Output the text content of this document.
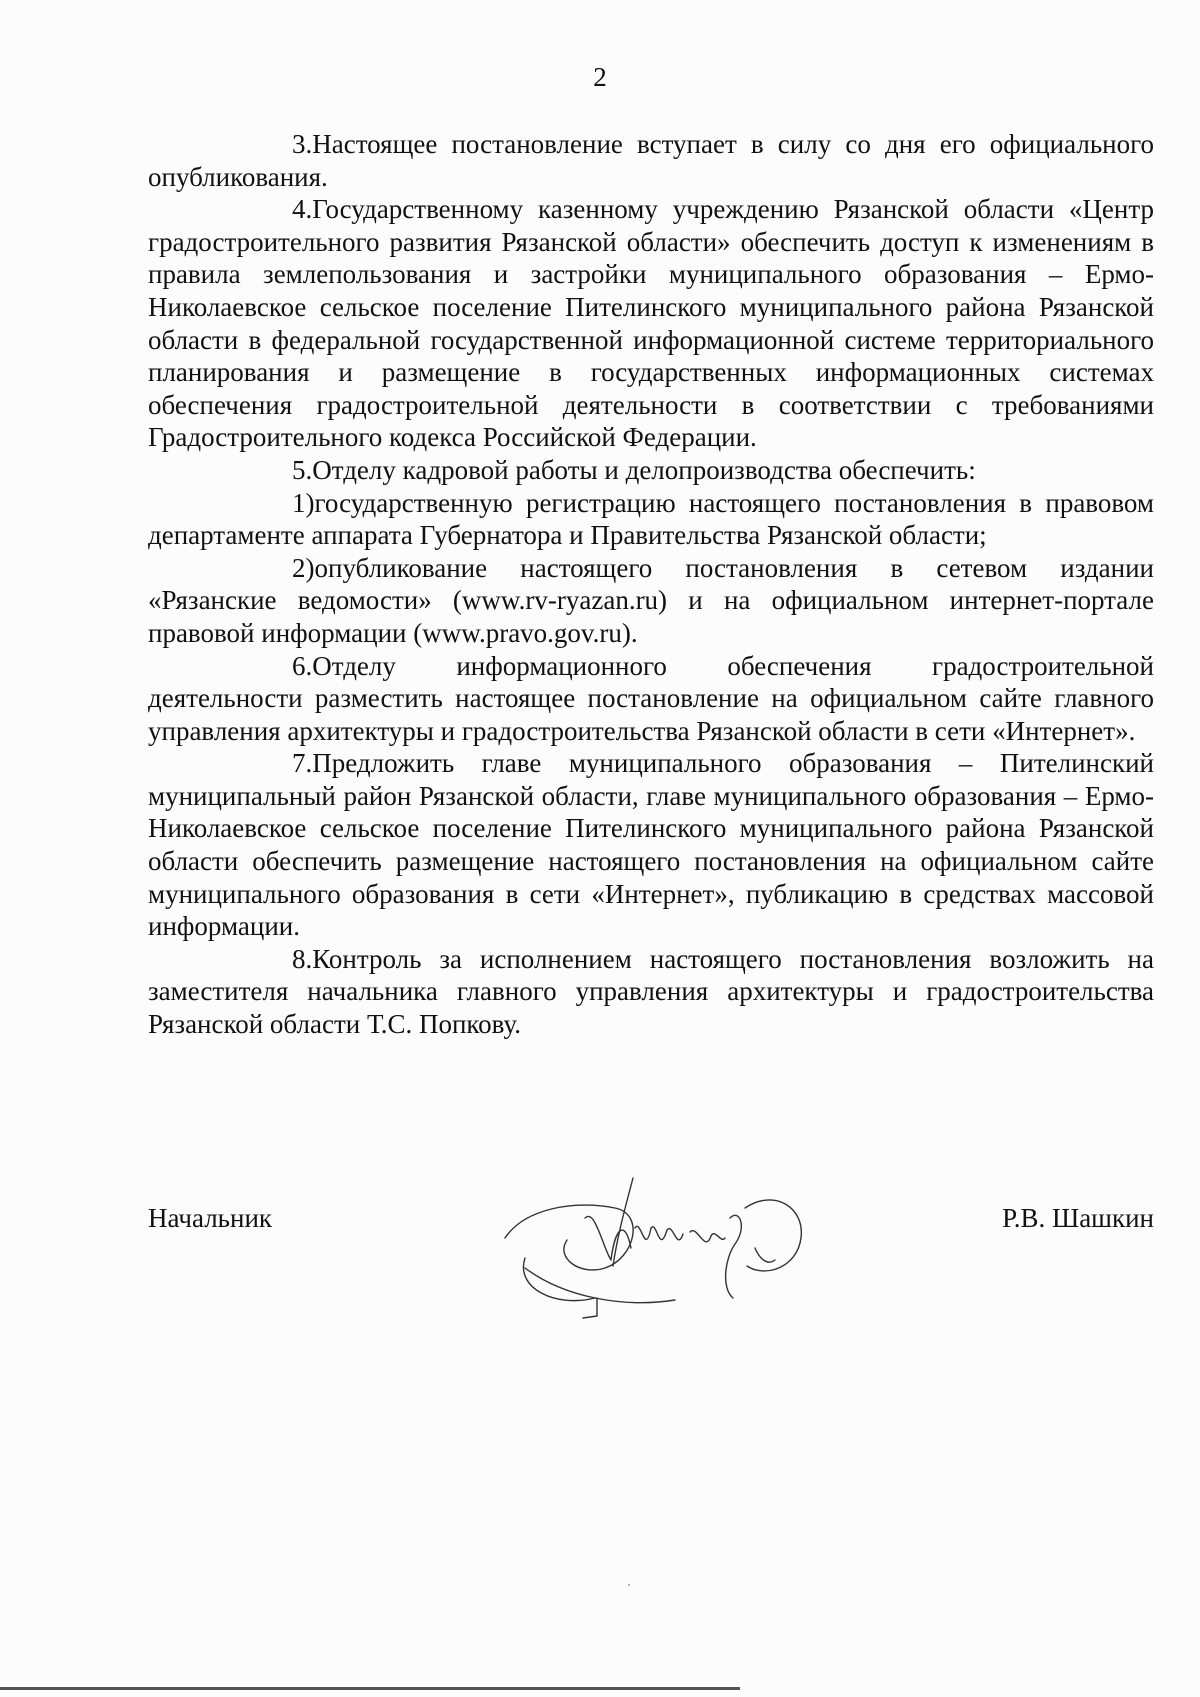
2

3.Настоящее постановление вступает в силу со дня его официального опубликования.

4.Государственному казенному учреждению Рязанской области «Центр градостроительного развития Рязанской области» обеспечить доступ к изменениям в правила землепользования и застройки муниципального образования – Ермо-Николаевское сельское поселение Пителинского муниципального района Рязанской области в федеральной государственной информационной системе территориального планирования и размещение в государственных информационных системах обеспечения градостроительной деятельности в соответствии с требованиями Градостроительного кодекса Российской Федерации.

5.Отделу кадровой работы и делопроизводства обеспечить:

1)государственную регистрацию настоящего постановления в правовом департаменте аппарата Губернатора и Правительства Рязанской области;

2)опубликование настоящего постановления в сетевом издании «Рязанские ведомости» (www.rv-ryazan.ru) и на официальном интернет-портале правовой информации (www.pravo.gov.ru).

6.Отделу информационного обеспечения градостроительной деятельности разместить настоящее постановление на официальном сайте главного управления архитектуры и градостроительства Рязанской области в сети «Интернет».

7.Предложить главе муниципального образования – Пителинский муниципальный район Рязанской области, главе муниципального образования – Ермо-Николаевское сельское поселение Пителинского муниципального района Рязанской области обеспечить размещение настоящего постановления на официальном сайте муниципального образования в сети «Интернет», публикацию в средствах массовой информации.

8.Контроль за исполнением настоящего постановления возложить на заместителя начальника главного управления архитектуры и градостроительства Рязанской области Т.С. Попкову.

Начальник	Р.В. Шашкин
